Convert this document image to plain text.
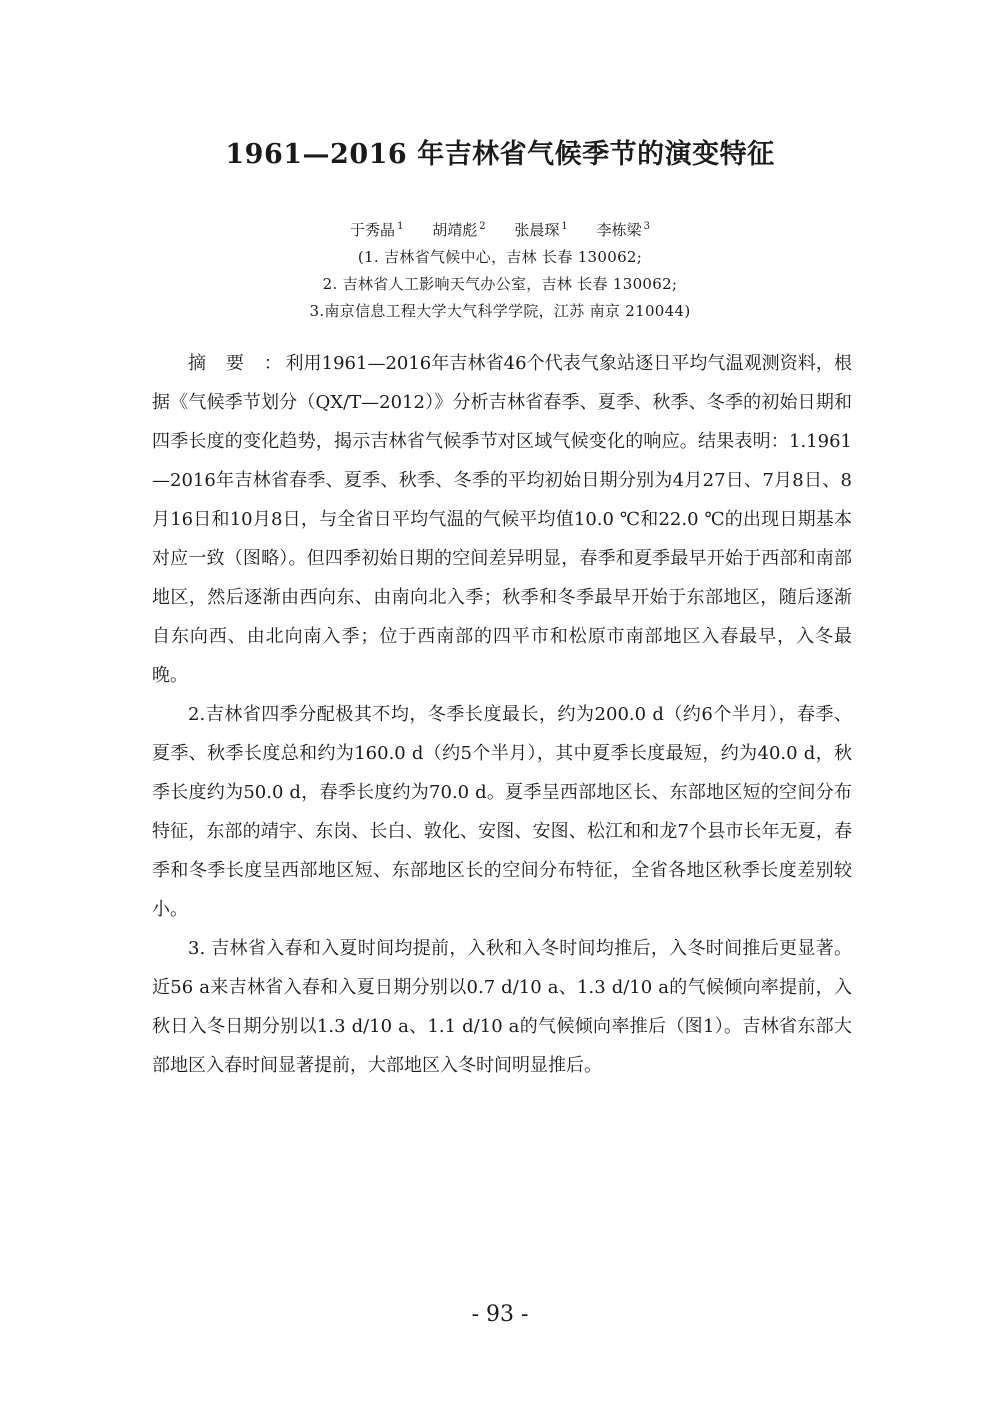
1961—2016 年吉林省气候季节的演变特征
于秀晶 $^1$ 胡靖彪 $^2$ 张晨琛 $^1$ 李栋梁 $^3$
(1. 吉林省气候中心，吉林 长春 130062;
2. 吉林省人工影响天气办公室，吉林 长春 130062;
3.南京信息工程大学大气科学学院，江苏 南京 210044)

摘要：利用1961—2016年吉林省46个代表气象站逐日平均气温观测资料，根据《气候季节划分（QX/T—2012）》分析吉林省春季、夏季、秋季、冬季的初始日期和四季长度的变化趋势，揭示吉林省气候季节对区域气候变化的响应。结果表明：1.1961—2016年吉林省春季、夏季、秋季、冬季的平均初始日期分别为4月27日、7月8日、8月16日和10月8日，与全省日平均气温的气候平均值10.0 ℃和22.0 ℃的出现日期基本对应一致（图略）。但四季初始日期的空间差异明显，春季和夏季最早开始于西部和南部地区，然后逐渐由西向东、由南向北入季；秋季和冬季最早开始于东部地区，随后逐渐自东向西、由北向南入季；位于西南部的四平市和松原市南部地区入春最早，入冬最晚。

2.吉林省四季分配极其不均，冬季长度最长，约为200.0 d（约6个半月），春季、夏季、秋季长度总和约为160.0 d（约5个半月），其中夏季长度最短，约为40.0 d，秋季长度约为50.0 d，春季长度约为70.0 d。夏季呈西部地区长、东部地区短的空间分布特征，东部的靖宇、东岗、长白、敦化、安图、安图、松江和和龙7个县市长年无夏，春季和冬季长度呈西部地区短、东部地区长的空间分布特征，全省各地区秋季长度差别较小。

3. 吉林省入春和入夏时间均提前，入秋和入冬时间均推后，入冬时间推后更显著。近56 a来吉林省入春和入夏日期分别以0.7 d/10 a、1.3 d/10 a的气候倾向率提前，入秋日入冬日期分别以1.3 d/10 a、1.1 d/10 a的气候倾向率推后（图1）。吉林省东部大部地区入春时间显著提前，大部地区入冬时间明显推后。

- 93 -
